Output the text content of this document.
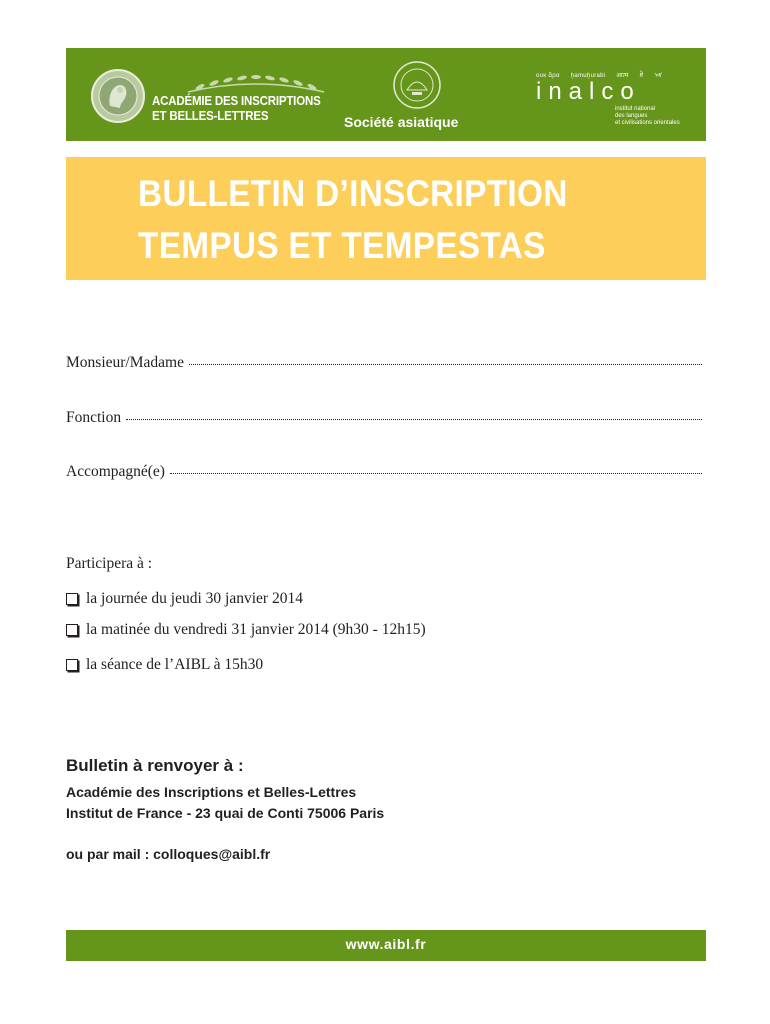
ACADÉMIE DES INSCRIPTIONS
ET BELLES-LETTRES	Société asiatique
ουκ ἄρα ḫamuḫurabi आत्म ཐེ ᠠᠮ
inalco
institut national
des langues
et civilisations orientales
BULLETIN D’INSCRIPTION
TEMPUS ET TEMPESTAS
Monsieur/Madame
Fonction
Accompagné(e)
Participera à :
la journée du jeudi 30 janvier 2014
la matinée du vendredi 31 janvier 2014 (9h30 - 12h15)
la séance de l’AIBL à 15h30
Bulletin à renvoyer à :
Académie des Inscriptions et Belles-Lettres
Institut de France - 23 quai de Conti 75006 Paris
ou par mail : colloques@aibl.fr
www.aibl.fr
